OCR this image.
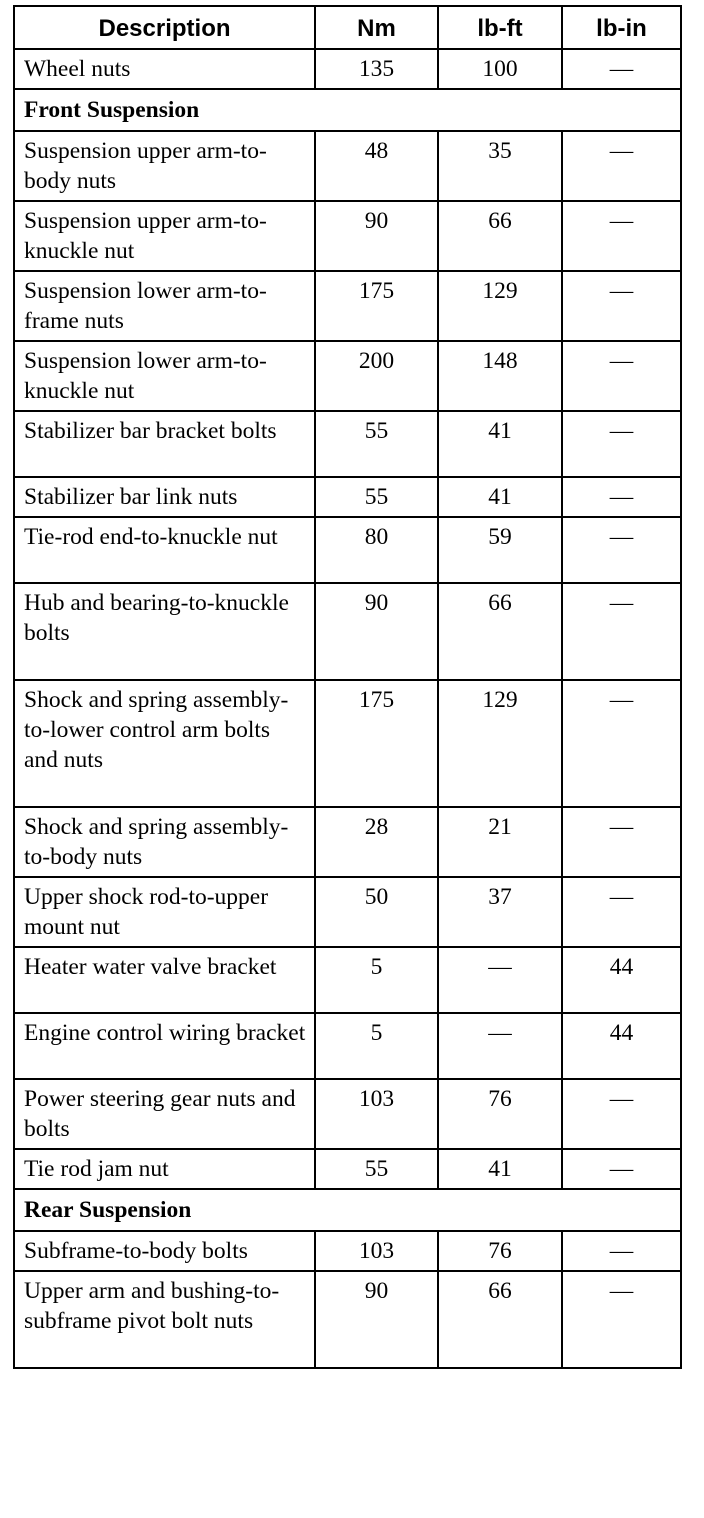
Description	Nm	lb-ft	lb-in
Wheel nuts	135	100	—
Front Suspension			
Suspension upper arm-to-body nuts	48	35	—
Suspension upper arm-to-knuckle nut	90	66	—
Suspension lower arm-to-frame nuts	175	129	—
Suspension lower arm-to-knuckle nut	200	148	—
Stabilizer bar bracket bolts	55	41	—
Stabilizer bar link nuts	55	41	—
Tie-rod end-to-knuckle nut	80	59	—
Hub and bearing-to-knuckle bolts	90	66	—
Shock and spring assembly-to-lower control arm bolts and nuts	175	129	—
Shock and spring assembly-to-body nuts	28	21	—
Upper shock rod-to-upper mount nut	50	37	—
Heater water valve bracket	5	—	44
Engine control wiring bracket	5	—	44
Power steering gear nuts and bolts	103	76	—
Tie rod jam nut	55	41	—
Rear Suspension			
Subframe-to-body bolts	103	76	—
Upper arm and bushing-to-subframe pivot bolt nuts	90	66	—
